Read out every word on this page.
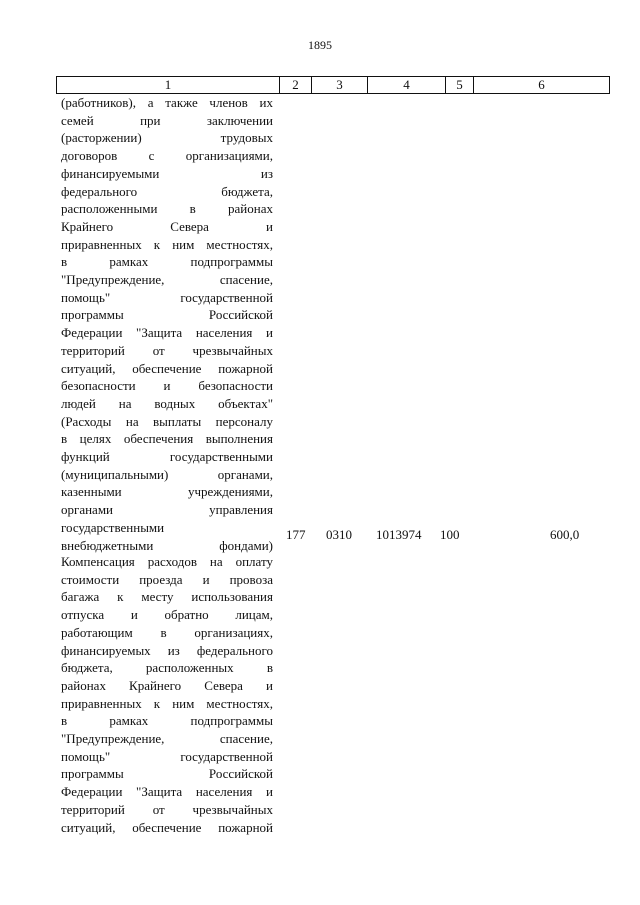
1895
1	2	3	4	5	6
(работников), а также членов их
семей при заключении
(расторжении) трудовых
договоров с организациями,
финансируемыми из
федерального бюджета,
расположенными в районах
Крайнего Севера и
приравненных к ним местностях,
в рамках подпрограммы
"Предупреждение, спасение,
помощь" государственной
программы Российской
Федерации "Защита населения и
территорий от чрезвычайных
ситуаций, обеспечение пожарной
безопасности и безопасности
людей на водных объектах"
(Расходы на выплаты персоналу
в целях обеспечения выполнения
функций государственными
(муниципальными) органами,
казенными учреждениями,
органами управления
государственными
внебюджетными фондами)
177 0310 1013974 100	600,0
Компенсация расходов на оплату
стоимости проезда и провоза
багажа к месту использования
отпуска и обратно лицам,
работающим в организациях,
финансируемых из федерального
бюджета, расположенных в
районах Крайнего Севера и
приравненных к ним местностях,
в рамках подпрограммы
"Предупреждение, спасение,
помощь" государственной
программы Российской
Федерации "Защита населения и
территорий от чрезвычайных
ситуаций, обеспечение пожарной
